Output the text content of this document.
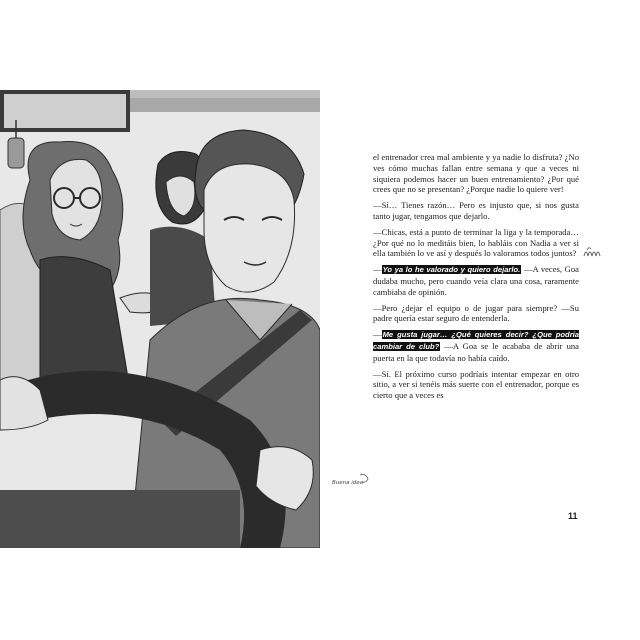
el entrenador crea mal ambiente y ya nadie lo disfruta? ¿No ves cómo muchas fallan entre semana y que a veces ni siquiera podemos hacer un buen entrenamiento? ¿Por qué crees que no se presentan? ¿Porque nadie lo quiere ver!

—Sí… Tienes razón… Pero es injusto que, si nos gusta tanto jugar, tengamos que dejarlo.

—Chicas, está a punto de terminar la liga y la temporada… ¿Por qué no lo meditáis bien, lo habláis con Nadia a ver si ella también lo ve así y después lo valoramos todos juntos?

—Yo ya lo he valorado y quiero dejarlo. —A veces, Goa dudaba mucho, pero cuando veía clara una cosa, raramente cambiaba de opinión.

—Pero ¿dejar el equipo o de jugar para siempre? —Su padre quería estar seguro de entenderla.

—Me gusta jugar… ¿Qué quieres decir? ¿Que podría cambiar de club? —A Goa se le acababa de abrir una puerta en la que todavía no había caído.

—Sí. El próximo curso podríais intentar empezar en otro sitio, a ver si tenéis más suerte con el entrenador, porque es cierto que a veces es

Buena idea
11
